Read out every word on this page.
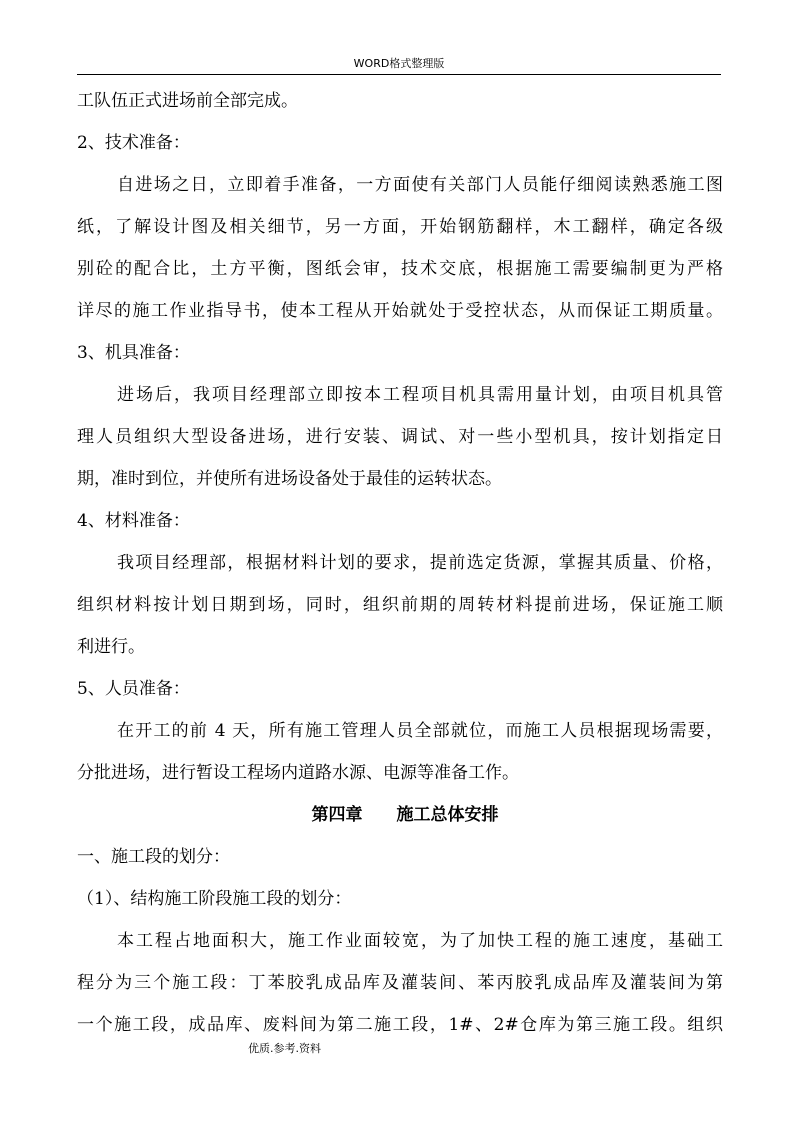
WORD格式整理版
工队伍正式进场前全部完成。
2、技术准备：
自进场之日，立即着手准备，一方面使有关部门人员能仔细阅读熟悉施工图
纸，了解设计图及相关细节，另一方面，开始钢筋翻样，木工翻样，确定各级
别砼的配合比，土方平衡，图纸会审，技术交底，根据施工需要编制更为严格
详尽的施工作业指导书，使本工程从开始就处于受控状态，从而保证工期质量。
3、机具准备：
进场后，我项目经理部立即按本工程项目机具需用量计划，由项目机具管
理人员组织大型设备进场，进行安装、调试、对一些小型机具，按计划指定日
期，准时到位，并使所有进场设备处于最佳的运转状态。
4、材料准备：
我项目经理部，根据材料计划的要求，提前选定货源，掌握其质量、价格，
组织材料按计划日期到场，同时，组织前期的周转材料提前进场，保证施工顺
利进行。
5、人员准备：
在开工的前 4 天，所有施工管理人员全部就位，而施工人员根据现场需要，
分批进场，进行暂设工程场内道路水源、电源等准备工作。
第四章　　施工总体安排
一、施工段的划分：
（1）、结构施工阶段施工段的划分：
本工程占地面积大，施工作业面较宽，为了加快工程的施工速度，基础工
程分为三个施工段：丁苯胶乳成品库及灌装间、苯丙胶乳成品库及灌装间为第
一个施工段，成品库、废料间为第二施工段，1#、2#仓库为第三施工段。组织
优质.参考.资料
